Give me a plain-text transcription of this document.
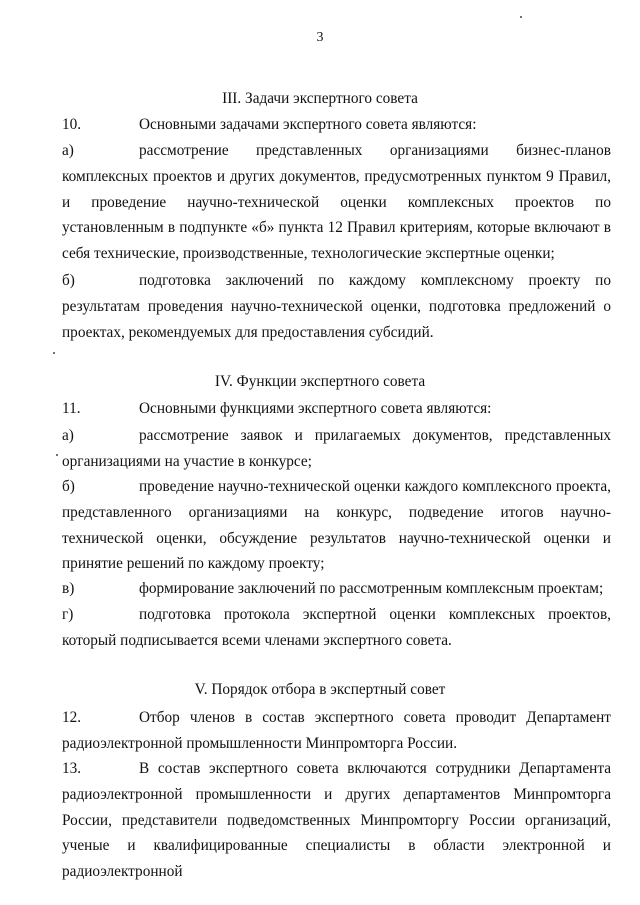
3
III. Задачи экспертного совета

10.	Основными задачами экспертного совета являются:

а)	рассмотрение представленных организациями бизнес-планов комплексных проектов и других документов, предусмотренных пунктом 9 Правил, и проведение научно-технической оценки комплексных проектов по установленным в подпункте «б» пункта 12 Правил критериям, которые включают в себя технические, производственные, технологические экспертные оценки;

б)	подготовка заключений по каждому комплексному проекту по результатам проведения научно-технической оценки, подготовка предложений о проектах, рекомендуемых для предоставления субсидий.

IV. Функции экспертного совета

11.	Основными функциями экспертного совета являются:

а)	рассмотрение заявок и прилагаемых документов, представленных организациями на участие в конкурсе;

б)	проведение научно-технической оценки каждого комплексного проекта, представленного организациями на конкурс, подведение итогов научно-технической оценки, обсуждение результатов научно-технической оценки и принятие решений по каждому проекту;

в)	формирование заключений по рассмотренным комплексным проектам;

г)	подготовка протокола экспертной оценки комплексных проектов, который подписывается всеми членами экспертного совета.

V. Порядок отбора в экспертный совет

12.	Отбор членов в состав экспертного совета проводит Департамент радиоэлектронной промышленности Минпромторга России.

13.	В состав экспертного совета включаются сотрудники Департамента радиоэлектронной промышленности и других департаментов Минпромторга России, представители подведомственных Минпромторгу России организаций, ученые и квалифицированные специалисты в области электронной и радиоэлектронной
